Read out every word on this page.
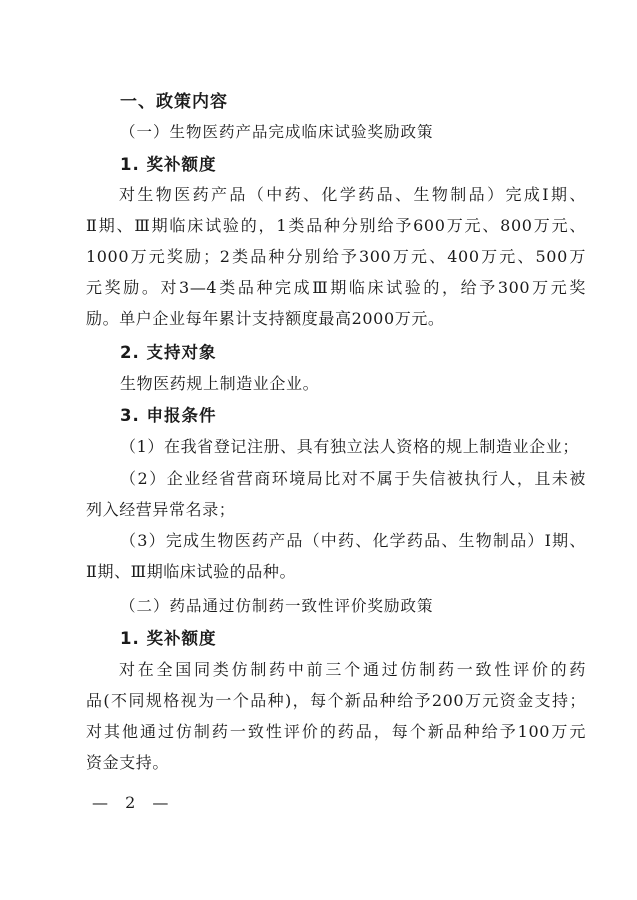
一、政策内容
（一）生物医药产品完成临床试验奖励政策
1. 奖补额度
对生物医药产品（中药、化学药品、生物制品）完成Ⅰ期、
Ⅱ期、Ⅲ期临床试验的，1类品种分别给予600万元、800万元、
1000万元奖励；2类品种分别给予300万元、400万元、500万
元奖励。对3—4类品种完成Ⅲ期临床试验的，给予300万元奖
励。单户企业每年累计支持额度最高2000万元。
2. 支持对象
生物医药规上制造业企业。
3. 申报条件
（1）在我省登记注册、具有独立法人资格的规上制造业企业；
（2）企业经省营商环境局比对不属于失信被执行人，且未被
列入经营异常名录；
（3）完成生物医药产品（中药、化学药品、生物制品）Ⅰ期、
Ⅱ期、Ⅲ期临床试验的品种。
（二）药品通过仿制药一致性评价奖励政策
1. 奖补额度
对在全国同类仿制药中前三个通过仿制药一致性评价的药
品(不同规格视为一个品种)，每个新品种给予200万元资金支持；
对其他通过仿制药一致性评价的药品，每个新品种给予100万元
资金支持。
— 2 —
